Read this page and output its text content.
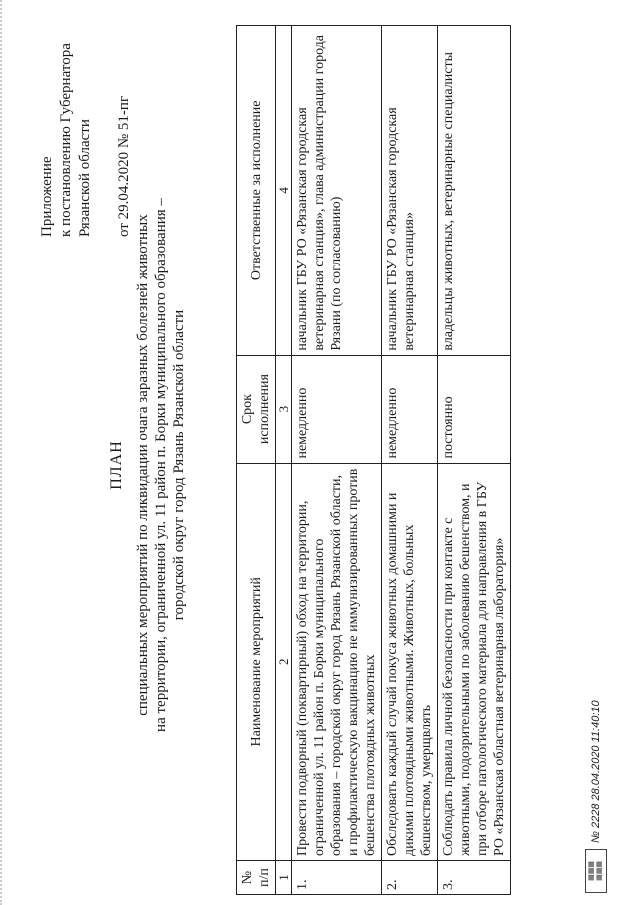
Приложение к постановлению Губернатора Рязанской области от 29.04.2020 № 51-пг
ПЛАН специальных мероприятий по ликвидации очага заразных болезней животных на территории, ограниченной ул. 11 район п. Борки муниципального образования – городской округ город Рязань Рязанской области
№ п/п	Наименование мероприятий	Срок исполнения	Ответственные за исполнение
1	2	3	4
1.	Провести подворный (поквартирный) обход на территории, ограниченной ул. 11 район п. Борки муниципального образования – городской округ город Рязань Рязанской области, и профилактическую вакцинацию не иммунизированных против бешенства плотоядных животных	немедленно	начальник ГБУ РО «Рязанская городская ветеринарная станция», глава администрации города Рязани (по согласованию)
2.	Обследовать каждый случай покуса животных домашними и дикими плотоядными животными. Животных, больных бешенством, умерщвлять	немедленно	начальник ГБУ РО «Рязанская городская ветеринарная станция»
3.	Соблюдать правила личной безопасности при контакте с животными, подозрительными по заболеванию бешенством, и при отборе патологического материала для направления в ГБУ РО «Рязанская областная ветеринарная лаборатория»	постоянно	владельцы животных, ветеринарные специалисты
▦▦▦
▦▦▦
№ 2228 28.04.2020 11:40:10
